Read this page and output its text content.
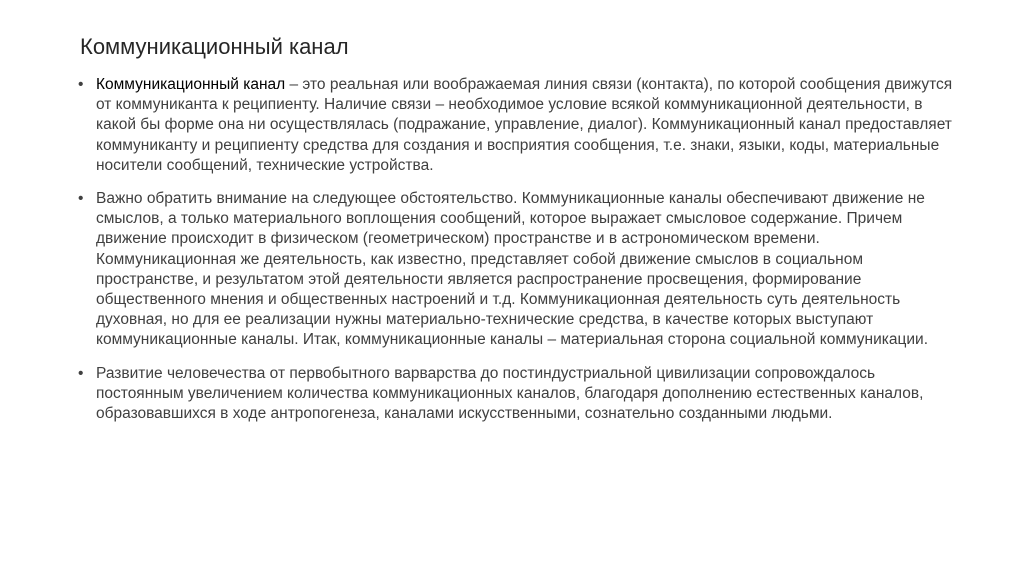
Коммуникационный канал
• Коммуникационный канал – это реальная или воображаемая линия связи (контакта), по которой сообщения движутся от коммуниканта к реципиенту. Наличие связи – необходимое условие всякой коммуникационной деятельности, в какой бы форме она ни осуществлялась (подражание, управление, диалог). Коммуникационный канал предоставляет коммуниканту и реципиенту средства для создания и восприятия сообщения, т.е. знаки, языки, коды, материальные носители сообщений, технические устройства.
• Важно обратить внимание на следующее обстоятельство. Коммуникационные каналы обеспечивают движение не смыслов, а только материального воплощения сообщений, которое выражает смысловое содержание. Причем движение происходит в физическом (геометрическом) пространстве и в астрономическом времени. Коммуникационная же деятельность, как известно, представляет собой движение смыслов в социальном пространстве, и результатом этой деятельности является распространение просвещения, формирование общественного мнения и общественных настроений и т.д. Коммуникационная деятельность суть деятельность духовная, но для ее реализации нужны материально-технические средства, в качестве которых выступают коммуникационные каналы. Итак, коммуникационные каналы – материальная сторона социальной коммуникации.
• Развитие человечества от первобытного варварства до постиндустриальной цивилизации сопровождалось постоянным увеличением количества коммуникационных каналов, благодаря дополнению естественных каналов, образовавшихся в ходе антропогенеза, каналами искусственными, сознательно созданными людьми.
